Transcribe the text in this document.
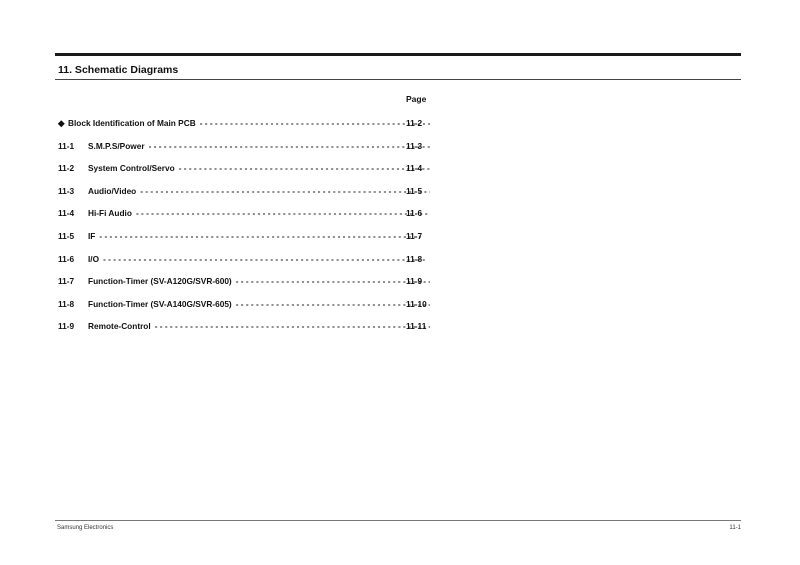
11. Schematic Diagrams
Page
◆ Block Identification of Main PCB - - -	11-2
11-1	S.M.P.S/Power - - -	11-3
11-2	System Control/Servo - - -	11-4
11-3	Audio/Video - - -	11-5
11-4	Hi-Fi Audio - - -	11-6
11-5	IF - - -	11-7
11-6	I/O - - -	11-8
11-7	Function-Timer (SV-A120G/SVR-600) - - -	11-9
11-8	Function-Timer (SV-A140G/SVR-605) - - -	11-10
11-9	Remote-Control - - -	11-11
Samsung Electronics	11-1
